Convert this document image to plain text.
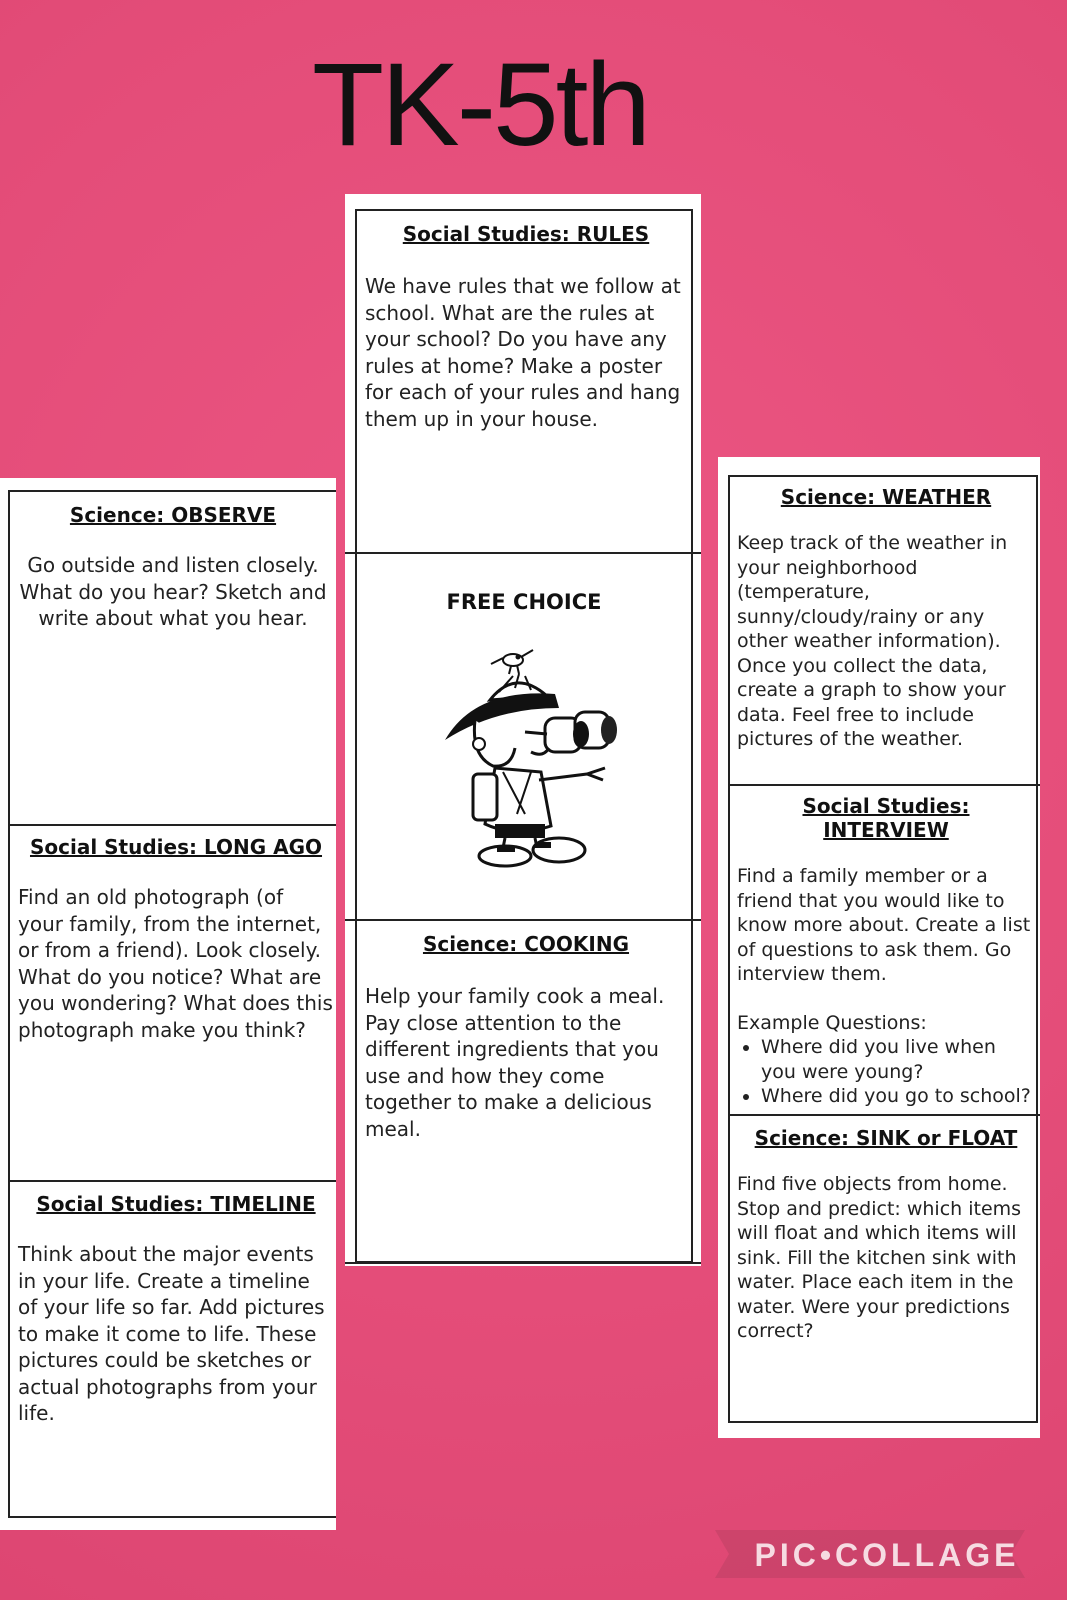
TK-5th
Science: OBSERVE

Go outside and listen closely. What do you hear? Sketch and write about what you hear.

Social Studies: LONG AGO

Find an old photograph (of your family, from the internet, or from a friend). Look closely. What do you notice? What are you wondering? What does this photograph make you think?

Social Studies: TIMELINE

Think about the major events in your life. Create a timeline of your life so far. Add pictures to make it come to life. These pictures could be sketches or actual photographs from your life.

Social Studies: RULES

We have rules that we follow at school. What are the rules at your school? Do you have any rules at home? Make a poster for each of your rules and hang them up in your house.

FREE CHOICE
Science: COOKING

Help your family cook a meal. Pay close attention to the different ingredients that you use and how they come together to make a delicious meal.

Science: WEATHER

Keep track of the weather in your neighborhood (temperature, sunny/cloudy/rainy or any other weather information). Once you collect the data, create a graph to show your data. Feel free to include pictures of the weather.

Social Studies: INTERVIEW

Find a family member or a friend that you would like to know more about. Create a list of questions to ask them. Go interview them.

Example Questions:

• Where did you live when you were young?
• Where did you go to school?
Science: SINK or FLOAT

Find five objects from home. Stop and predict: which items will float and which items will sink. Fill the kitchen sink with water. Place each item in the water. Were your predictions correct?

PIC•COLLAGE
